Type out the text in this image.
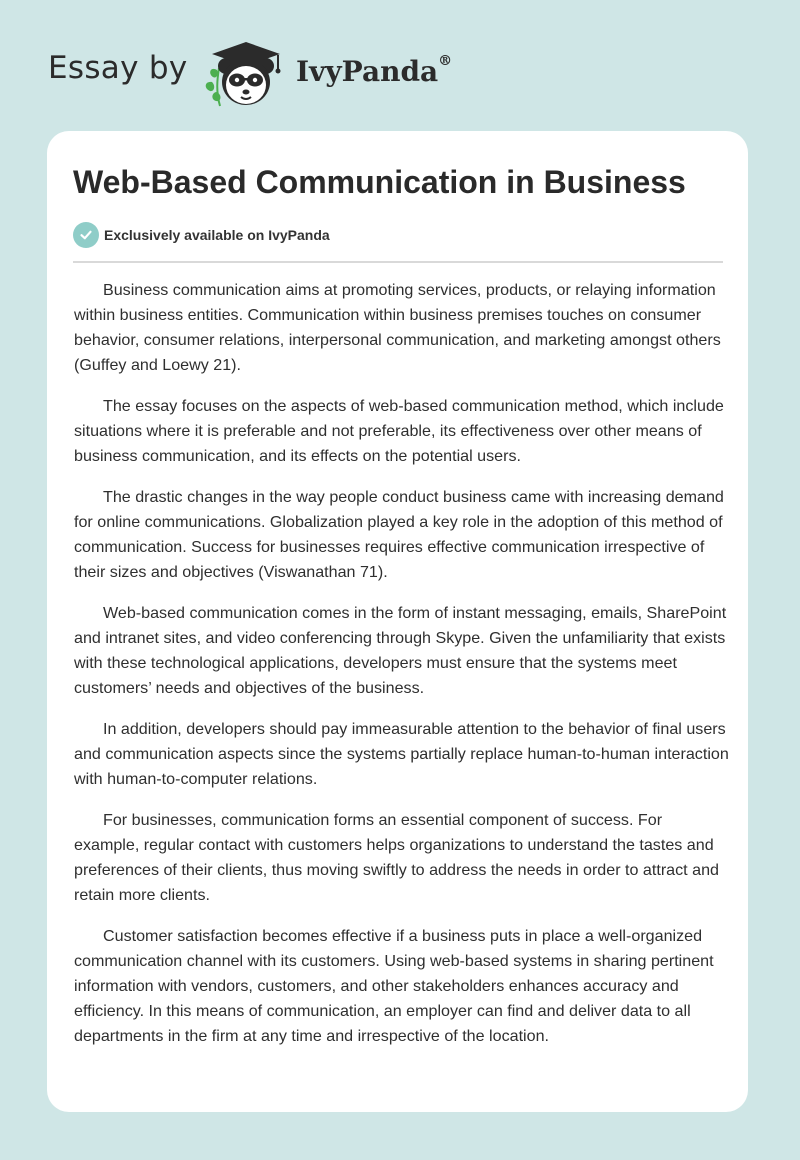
Essay by	IvyPanda®
Web-Based Communication in Business
Exclusively available on IvyPanda

Business communication aims at promoting services, products, or relaying information within business entities. Communication within business premises touches on consumer behavior, consumer relations, interpersonal communication, and marketing amongst others (Guffey and Loewy 21).

The essay focuses on the aspects of web-based communication method, which include situations where it is preferable and not preferable, its effectiveness over other means of business communication, and its effects on the potential users.

The drastic changes in the way people conduct business came with increasing demand for online communications. Globalization played a key role in the adoption of this method of communication. Success for businesses requires effective communication irrespective of their sizes and objectives (Viswanathan 71).

Web-based communication comes in the form of instant messaging, emails, SharePoint and intranet sites, and video conferencing through Skype. Given the unfamiliarity that exists with these technological applications, developers must ensure that the systems meet customers’ needs and objectives of the business.

In addition, developers should pay immeasurable attention to the behavior of final users and communication aspects since the systems partially replace human-to-human interaction with human-to-computer relations.

For businesses, communication forms an essential component of success. For example, regular contact with customers helps organizations to understand the tastes and preferences of their clients, thus moving swiftly to address the needs in order to attract and retain more clients.

Customer satisfaction becomes effective if a business puts in place a well-organized communication channel with its customers. Using web-based systems in sharing pertinent information with vendors, customers, and other stakeholders enhances accuracy and efficiency. In this means of communication, an employer can find and deliver data to all departments in the firm at any time and irrespective of the location.
